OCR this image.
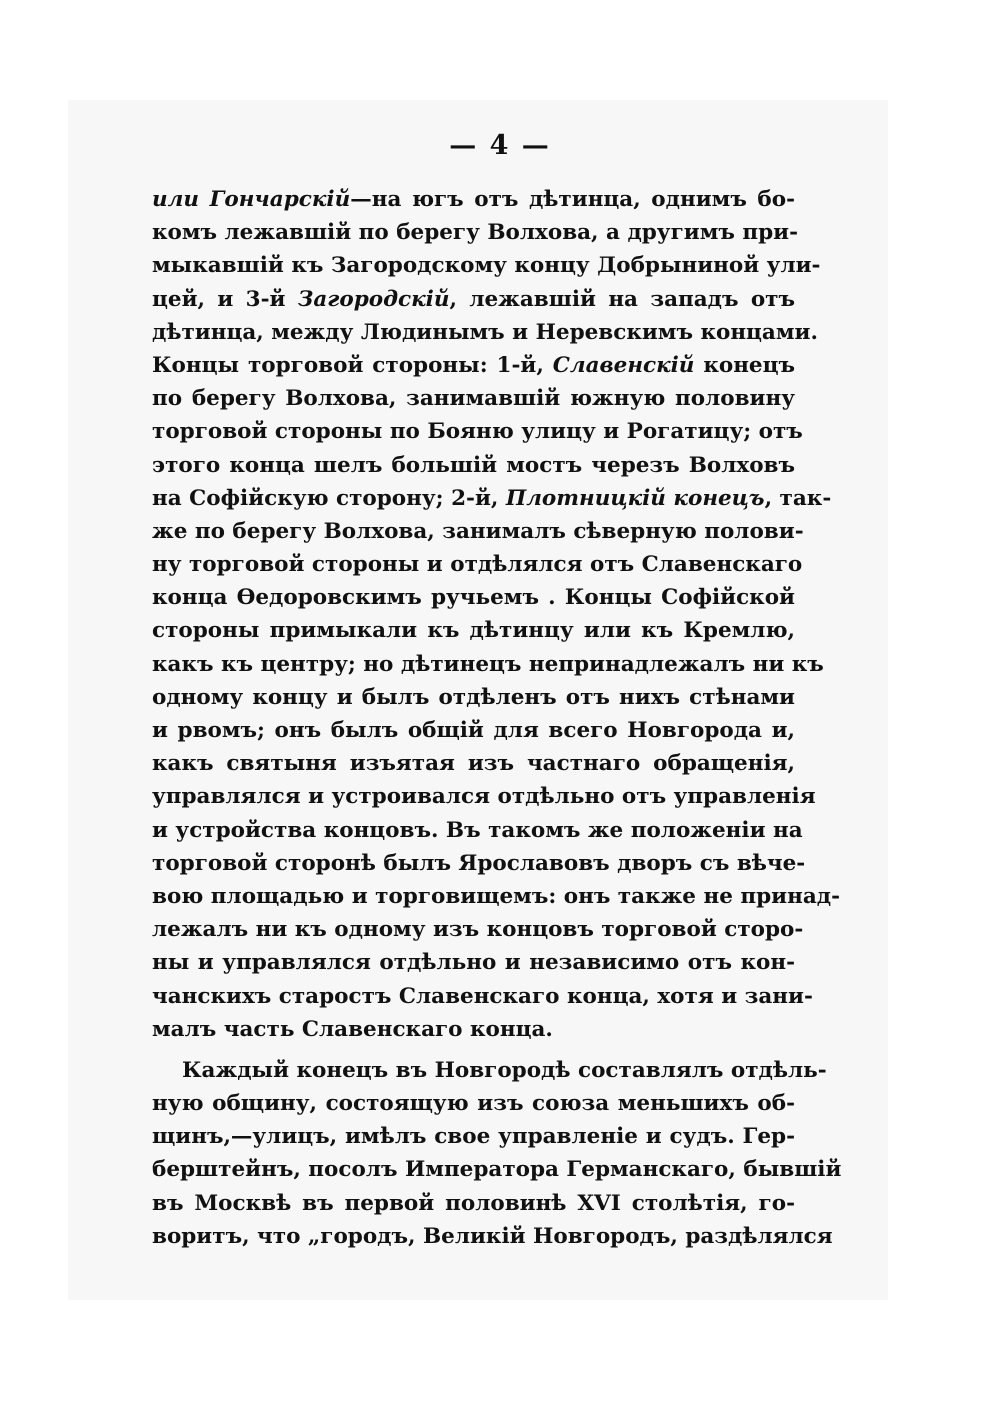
— 4 —
или Гончарскій—на югъ отъ дѣтинца, однимъ бо-
комъ лежавшій по берегу Волхова, а другимъ при-
мыкавшій къ Загородскому концу Добрыниной ули-
цей, и 3-й Загородскій, лежавшій на западъ отъ
дѣтинца, между Людинымъ и Неревскимъ концами.
Концы торговой стороны: 1-й, Славенскій конецъ
по берегу Волхова, занимавшій южную половину
торговой стороны по Бояню улицу и Рогатицу; отъ
этого конца шелъ большій мостъ черезъ Волховъ
на Софійскую сторону; 2-й, Плотницкій конецъ, так-
же по берегу Волхова, занималъ сѣверную полови-
ну торговой стороны и отдѣлялся отъ Славенскаго
конца Ѳедоровскимъ ручьемъ . Концы Софійской
стороны примыкали къ дѣтинцу или къ Кремлю,
какъ къ центру; но дѣтинецъ непринадлежалъ ни къ
одному концу и былъ отдѣленъ отъ нихъ стѣнами
и рвомъ; онъ былъ общій для всего Новгорода и,
какъ святыня изъятая изъ частнаго обращенія,
управлялся и устроивался отдѣльно отъ управленія
и устройства концовъ. Въ такомъ же положеніи на
торговой сторонѣ былъ Ярославовъ дворъ съ вѣче-
вою площадью и торговищемъ: онъ также не принад-
лежалъ ни къ одному изъ концовъ торговой сторо-
ны и управлялся отдѣльно и независимо отъ кон-
чанскихъ старостъ Славенскаго конца, хотя и зани-
малъ часть Славенскаго конца.
Каждый конецъ въ Новгородѣ составлялъ отдѣль-
ную общину, состоящую изъ союза меньшихъ об-
щинъ,—улицъ, имѣлъ свое управленіе и судъ. Гер-
берштейнъ, посолъ Императора Германскаго, бывшій
въ Москвѣ въ первой половинѣ XVI столѣтія, го-
воритъ, что „городъ, Великій Новгородъ, раздѣлялся
